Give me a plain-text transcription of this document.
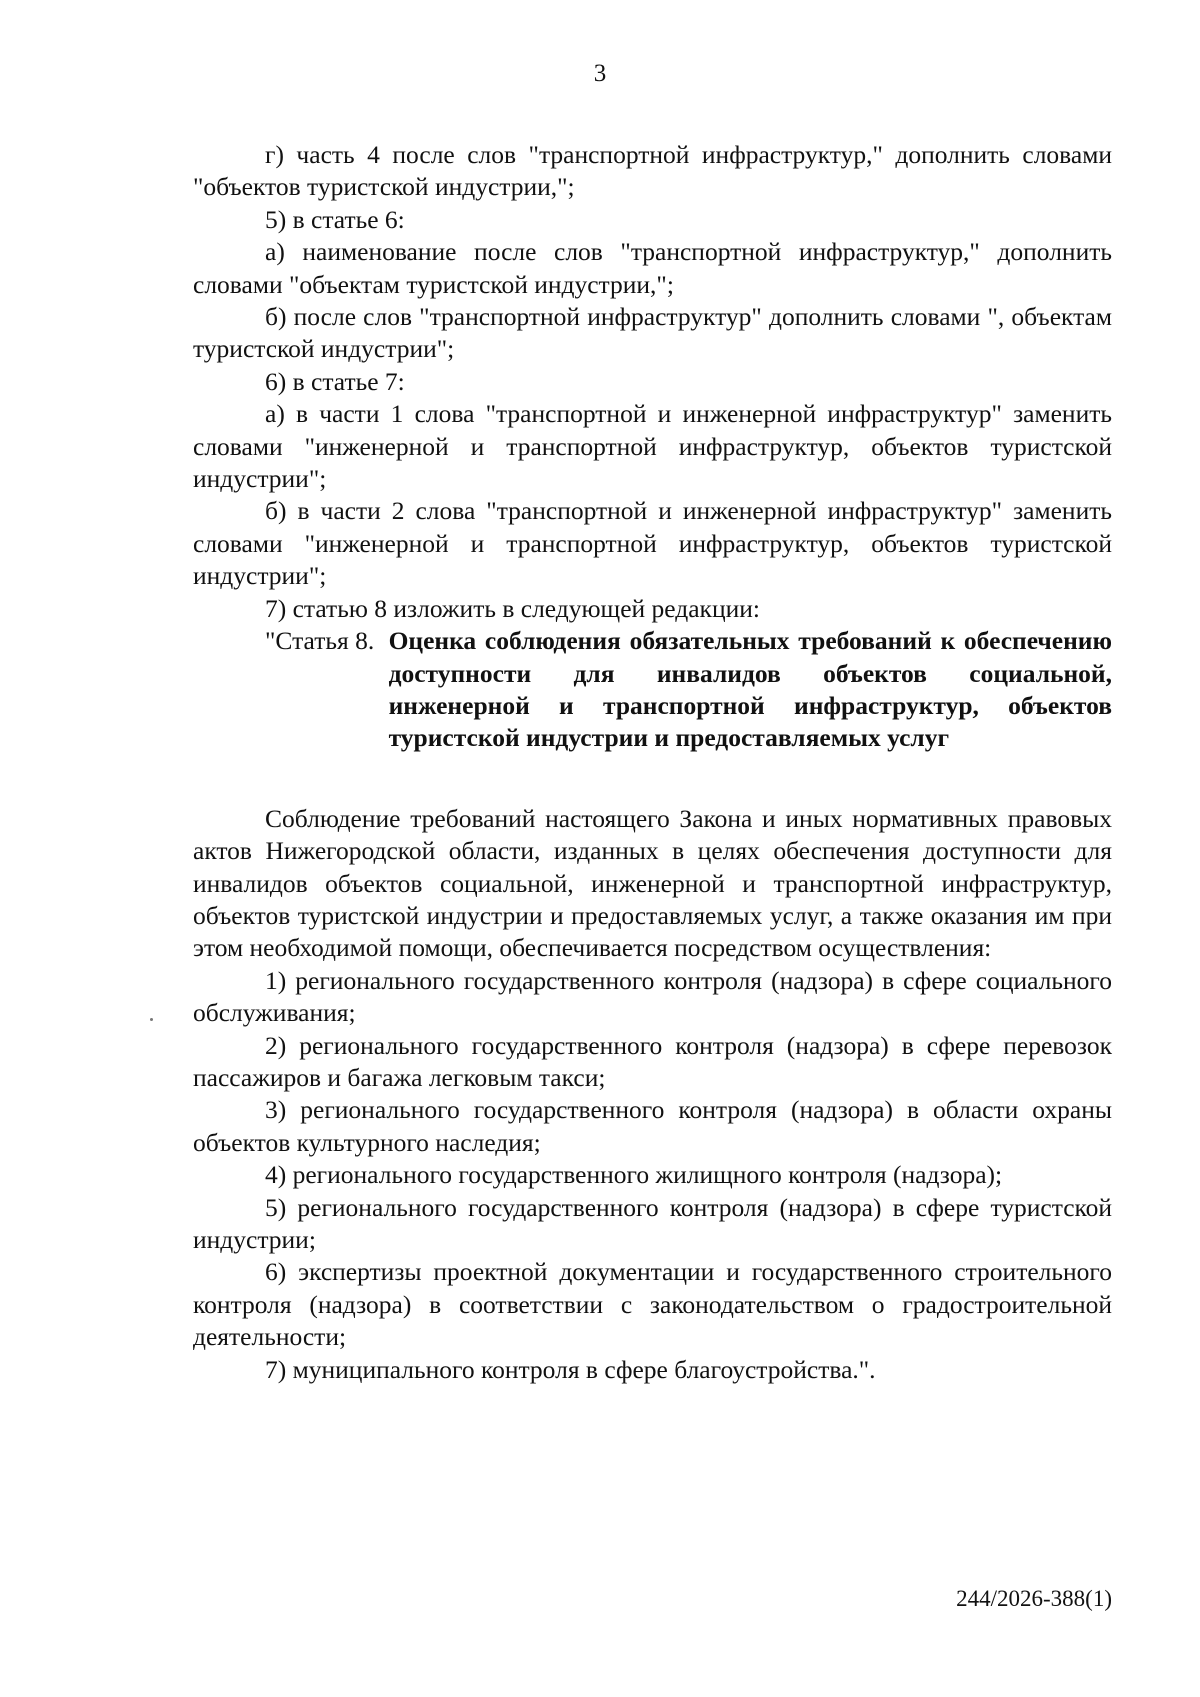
3

г) часть 4 после слов "транспортной инфраструктур," дополнить словами "объектов туристской индустрии,";

5) в статье 6:

а) наименование после слов "транспортной инфраструктур," дополнить словами "объектам туристской индустрии,";

б) после слов "транспортной инфраструктур" дополнить словами ", объектам туристской индустрии";

6) в статье 7:

а) в части 1 слова "транспортной и инженерной инфраструктур" заменить словами "инженерной и транспортной инфраструктур, объектов туристской индустрии";

б) в части 2 слова "транспортной и инженерной инфраструктур" заменить словами "инженерной и транспортной инфраструктур, объектов туристской индустрии";

7) статью 8 изложить в следующей редакции:

"Статья 8. Оценка соблюдения обязательных требований к обеспечению доступности для инвалидов объектов социальной, инженерной и транспортной инфраструктур, объектов туристской индустрии и предоставляемых услуг

Соблюдение требований настоящего Закона и иных нормативных правовых актов Нижегородской области, изданных в целях обеспечения доступности для инвалидов объектов социальной, инженерной и транспортной инфраструктур, объектов туристской индустрии и предоставляемых услуг, а также оказания им при этом необходимой помощи, обеспечивается посредством осуществления:

1) регионального государственного контроля (надзора) в сфере социального обслуживания;

2) регионального государственного контроля (надзора) в сфере перевозок пассажиров и багажа легковым такси;

3) регионального государственного контроля (надзора) в области охраны объектов культурного наследия;

4) регионального государственного жилищного контроля (надзора);

5) регионального государственного контроля (надзора) в сфере туристской индустрии;

6) экспертизы проектной документации и государственного строительного контроля (надзора) в соответствии с законодательством о градостроительной деятельности;

7) муниципального контроля в сфере благоустройства.".

244/2026-388(1)
